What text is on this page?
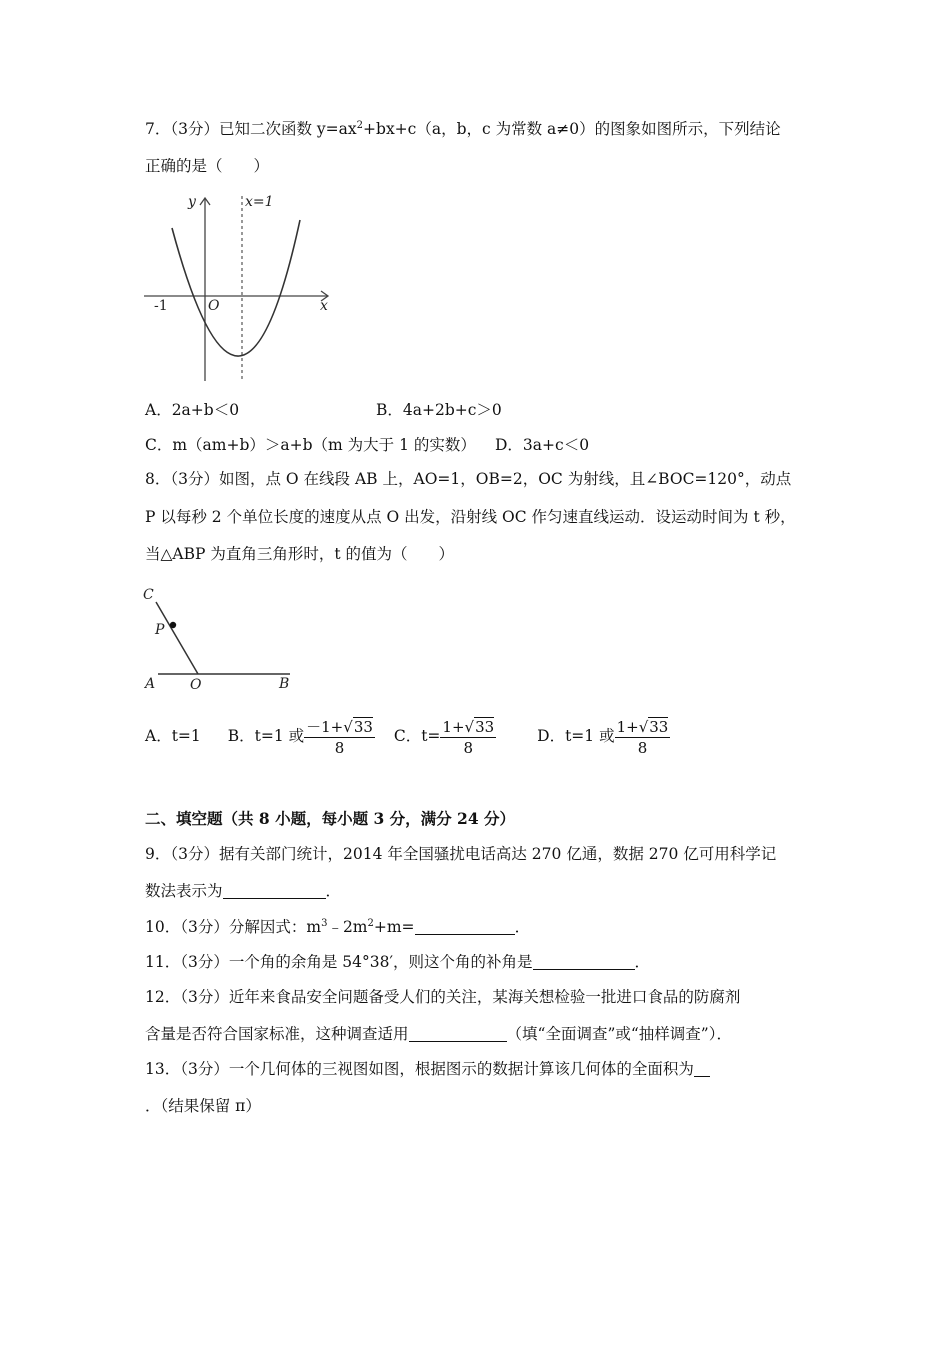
7．（3分）已知二次函数 $y=ax^2+bx+c(a$，b，c 为常数 a≠0）的图象如图所示，下列结论
正确的是（　　）
y	x=1
-1	O	x
A．2a+b＜0	B．4a+2b+c＞0
C．m（am+b）＞a+b（m 为大于 1 的实数） D．3a+c＜0
8．（3分）如图，点 O 在线段 AB 上，AO=1，OB=2，OC 为射线，且∠BOC=120°，动点
P 以每秒 2 个单位长度的速度从点 O 出发，沿射线 OC 作匀速直线运动．设运动时间为 t 秒，
当△ABP 为直角三角形时，t 的值为（　　）
C
P
A O	B
A．t=1 B．t=1 或 $\frac{-1+√33}{8}$ C．$t= \frac{1+√33}{8}$	D．t=1 或 $\frac{1+√33}{8}$
二、填空题（共 8 小题，每小题 3 分，满分 24 分）
9．（3分）据有关部门统计，2014 年全国骚扰电话高达 270 亿通，数据 270 亿可用科学记
数法表示为	．
10．（3分）分解因式：$m^3﹣2m^2+m=$	．
11．（3分）一个角的余角是 54°38′，则这个角的补角是	．
12．（3分）近年来食品安全问题备受人们的关注，某海关想检验一批进口食品的防腐剂
含量是否符合国家标准，这种调查适用	（填“全面调查”或“抽样调查”）．
13．（3分）一个几何体的三视图如图，根据图示的数据计算该几何体的全面积为
．（结果保留 π）
